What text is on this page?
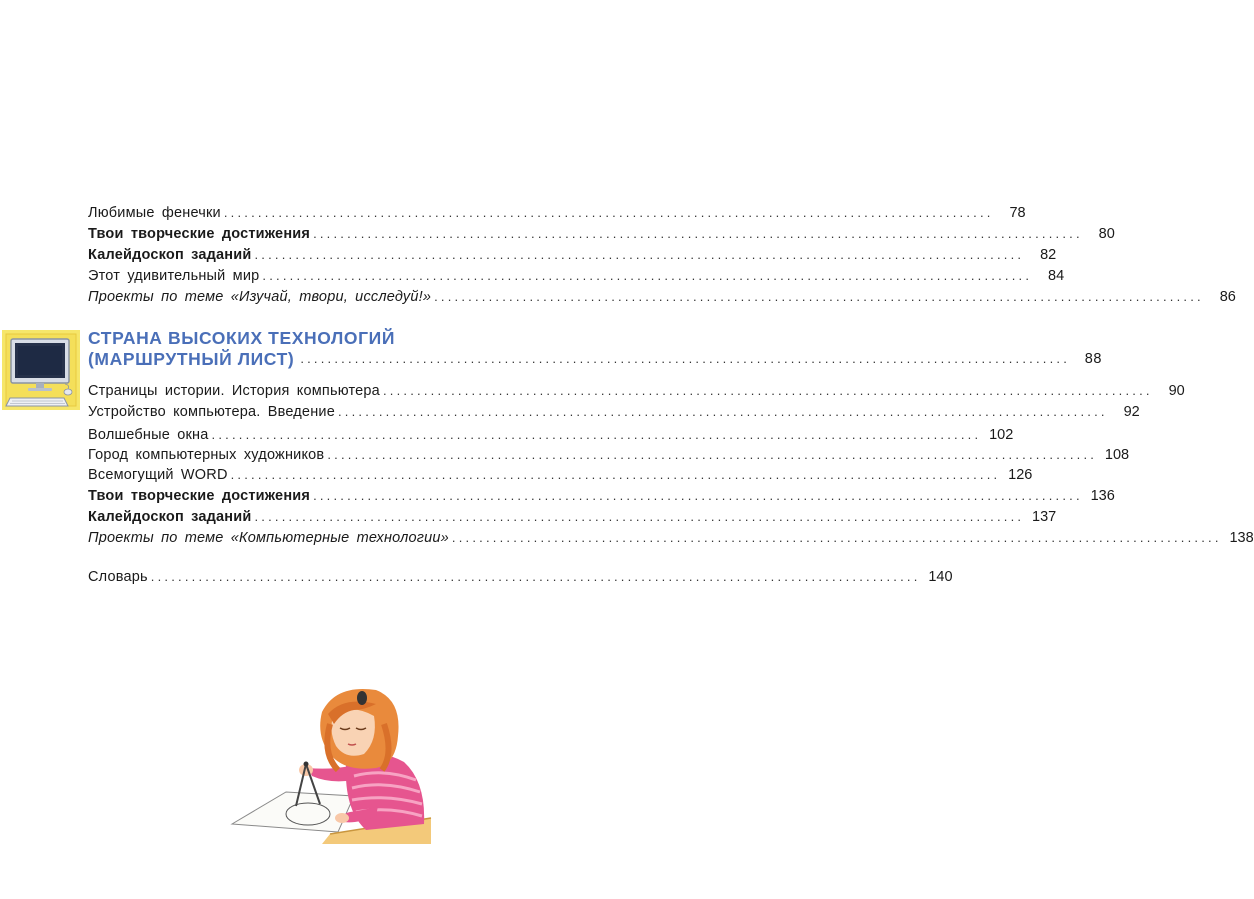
Любимые фенечки .................................................................................................................	78
Твои творческие достижения .................................................................................................................	80
Калейдоскоп заданий .................................................................................................................	82
Этот удивительный мир .................................................................................................................	84
Проекты по теме «Изучай, твори, исследуй!» .................................................................................................................	86
СТРАНА ВЫСОКИХ ТЕХНОЛОГИЙ
(МАРШРУТНЫЙ ЛИСТ) .................................................................................................................	88
Страницы истории. История компьютера .................................................................................................................	90
Устройство компьютера. Введение .................................................................................................................	92
Волшебные окна ................................................................................................................. 102
Город компьютерных художников ................................................................................................................. 108
Всемогущий WORD ................................................................................................................. 126
Твои творческие достижения ................................................................................................................. 136
Калейдоскоп заданий ................................................................................................................. 137
Проекты по теме «Компьютерные технологии» ................................................................................................................. 138
Словарь ................................................................................................................. 140
